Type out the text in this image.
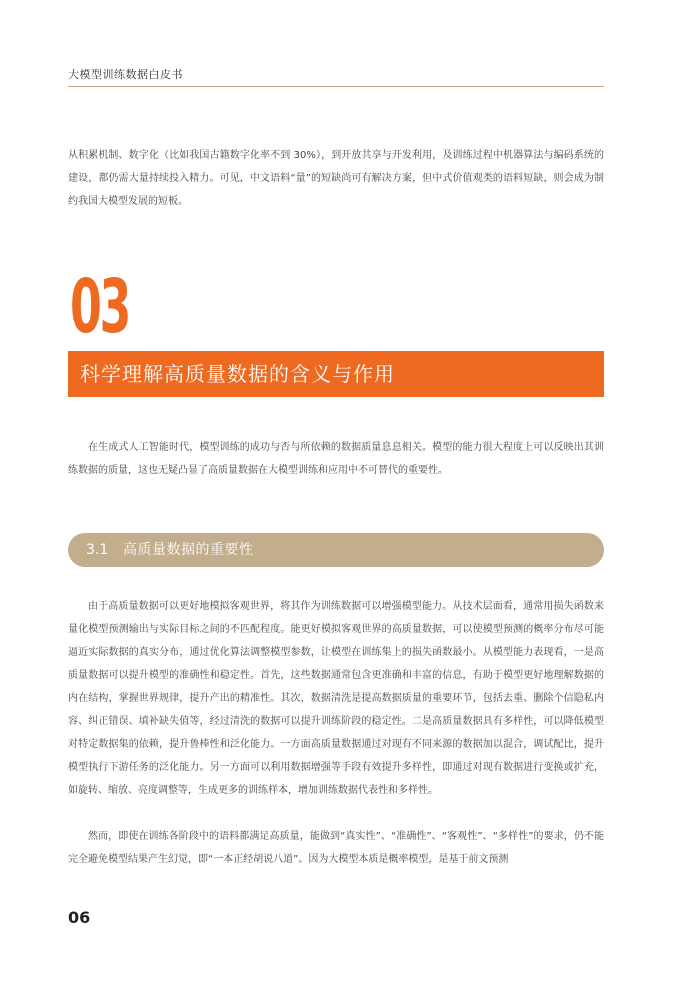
大模型训练数据白皮书

从积累机制、数字化（比如我国古籍数字化率不到 30%），到开放共享与开发利用，及训练过程中机器算法与编码系统的建设，都仍需大量持续投入精力。可见，中文语料“量”的短缺尚可有解决方案，但中式价值观类的语料短缺，则会成为制约我国大模型发展的短板。

03
科学理解高质量数据的含义与作用

在生成式人工智能时代，模型训练的成功与否与所依赖的数据质量息息相关。模型的能力很大程度上可以反映出其训练数据的质量，这也无疑凸显了高质量数据在大模型训练和应用中不可替代的重要性。

3.1 高质量数据的重要性

由于高质量数据可以更好地模拟客观世界，将其作为训练数据可以增强模型能力。从技术层面看，通常用损失函数来量化模型预测输出与实际目标之间的不匹配程度。能更好模拟客观世界的高质量数据，可以使模型预测的概率分布尽可能逼近实际数据的真实分布，通过优化算法调整模型参数，让模型在训练集上的损失函数最小。从模型能力表现看，一是高质量数据可以提升模型的准确性和稳定性。首先，这些数据通常包含更准确和丰富的信息，有助于模型更好地理解数据的内在结构，掌握世界规律，提升产出的精准性。其次，数据清洗是提高数据质量的重要环节，包括去重、删除个信隐私内容、纠正错误、填补缺失值等，经过清洗的数据可以提升训练阶段的稳定性。二是高质量数据具有多样性，可以降低模型对特定数据集的依赖，提升鲁棒性和泛化能力。一方面高质量数据通过对现有不同来源的数据加以混合，调试配比，提升模型执行下游任务的泛化能力。另一方面可以利用数据增强等手段有效提升多样性，即通过对现有数据进行变换或扩充，如旋转、缩放、亮度调整等，生成更多的训练样本，增加训练数据代表性和多样性。

然而，即使在训练各阶段中的语料都满足高质量，能做到“真实性”、“准确性”、“客观性”、“多样性”的要求，仍不能完全避免模型结果产生幻觉，即“一本正经胡说八道”。因为大模型本质是概率模型，是基于前文预测

06
